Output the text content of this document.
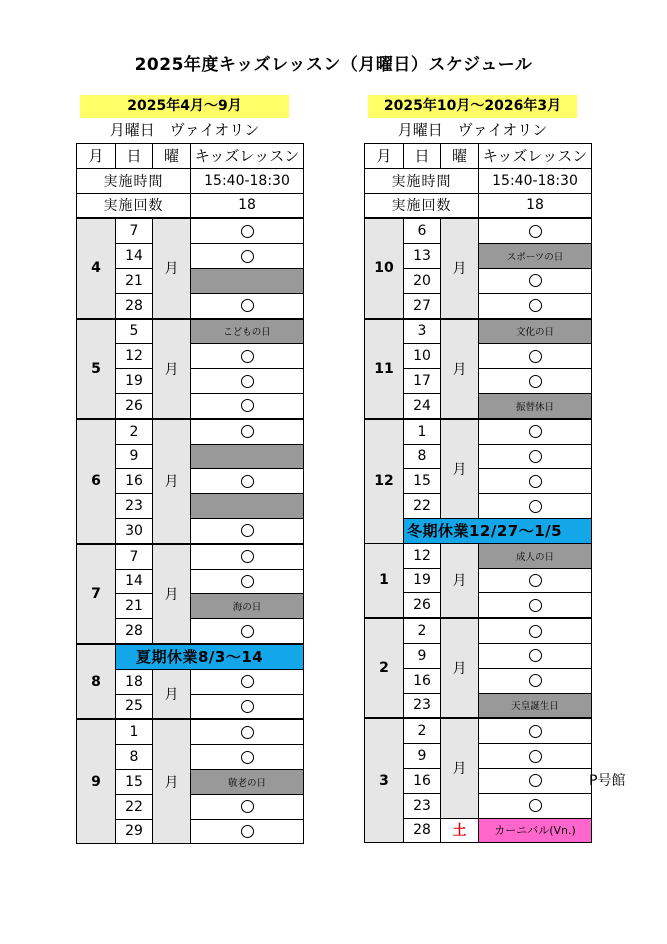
2025年度キッズレッスン（月曜日）スケジュール
2025年4月～9月
月曜日　ヴァイオリン
月	日	曜	キッズレッスン
実施時間			15:40-18:30
実施回数			18
4	7	月	
	14		
	21		
	28		
5	5	月	こどもの日
	12		
	19		
	26		
6	2	月	
	9		
	16		
	23		
	30		
7	7	月	
	14		
	21		海の日
	28		
8	夏期休業8/3～14		
	18	月	
	25		
9	1	月	
	8		
	15		敬老の日
	22		
	29		
2025年10月～2026年3月
月曜日　ヴァイオリン
月	日	曜	キッズレッスン
実施時間			15:40-18:30
実施回数			18
10	6	月	
	13		スポーツの日
	20		
	27		
11	3	月	文化の日
	10		
	17		
	24		振替休日
12	1	月	
	8		
	15		
	22		
	冬期休業12/27～1/5		
1	12	月	成人の日
	19		
	26		
2	2	月	
	9		
	16		
	23		天皇誕生日
3	2	月	
	9		
	16		
	23		
	28	土	カーニバル(Vn.)
P号館
